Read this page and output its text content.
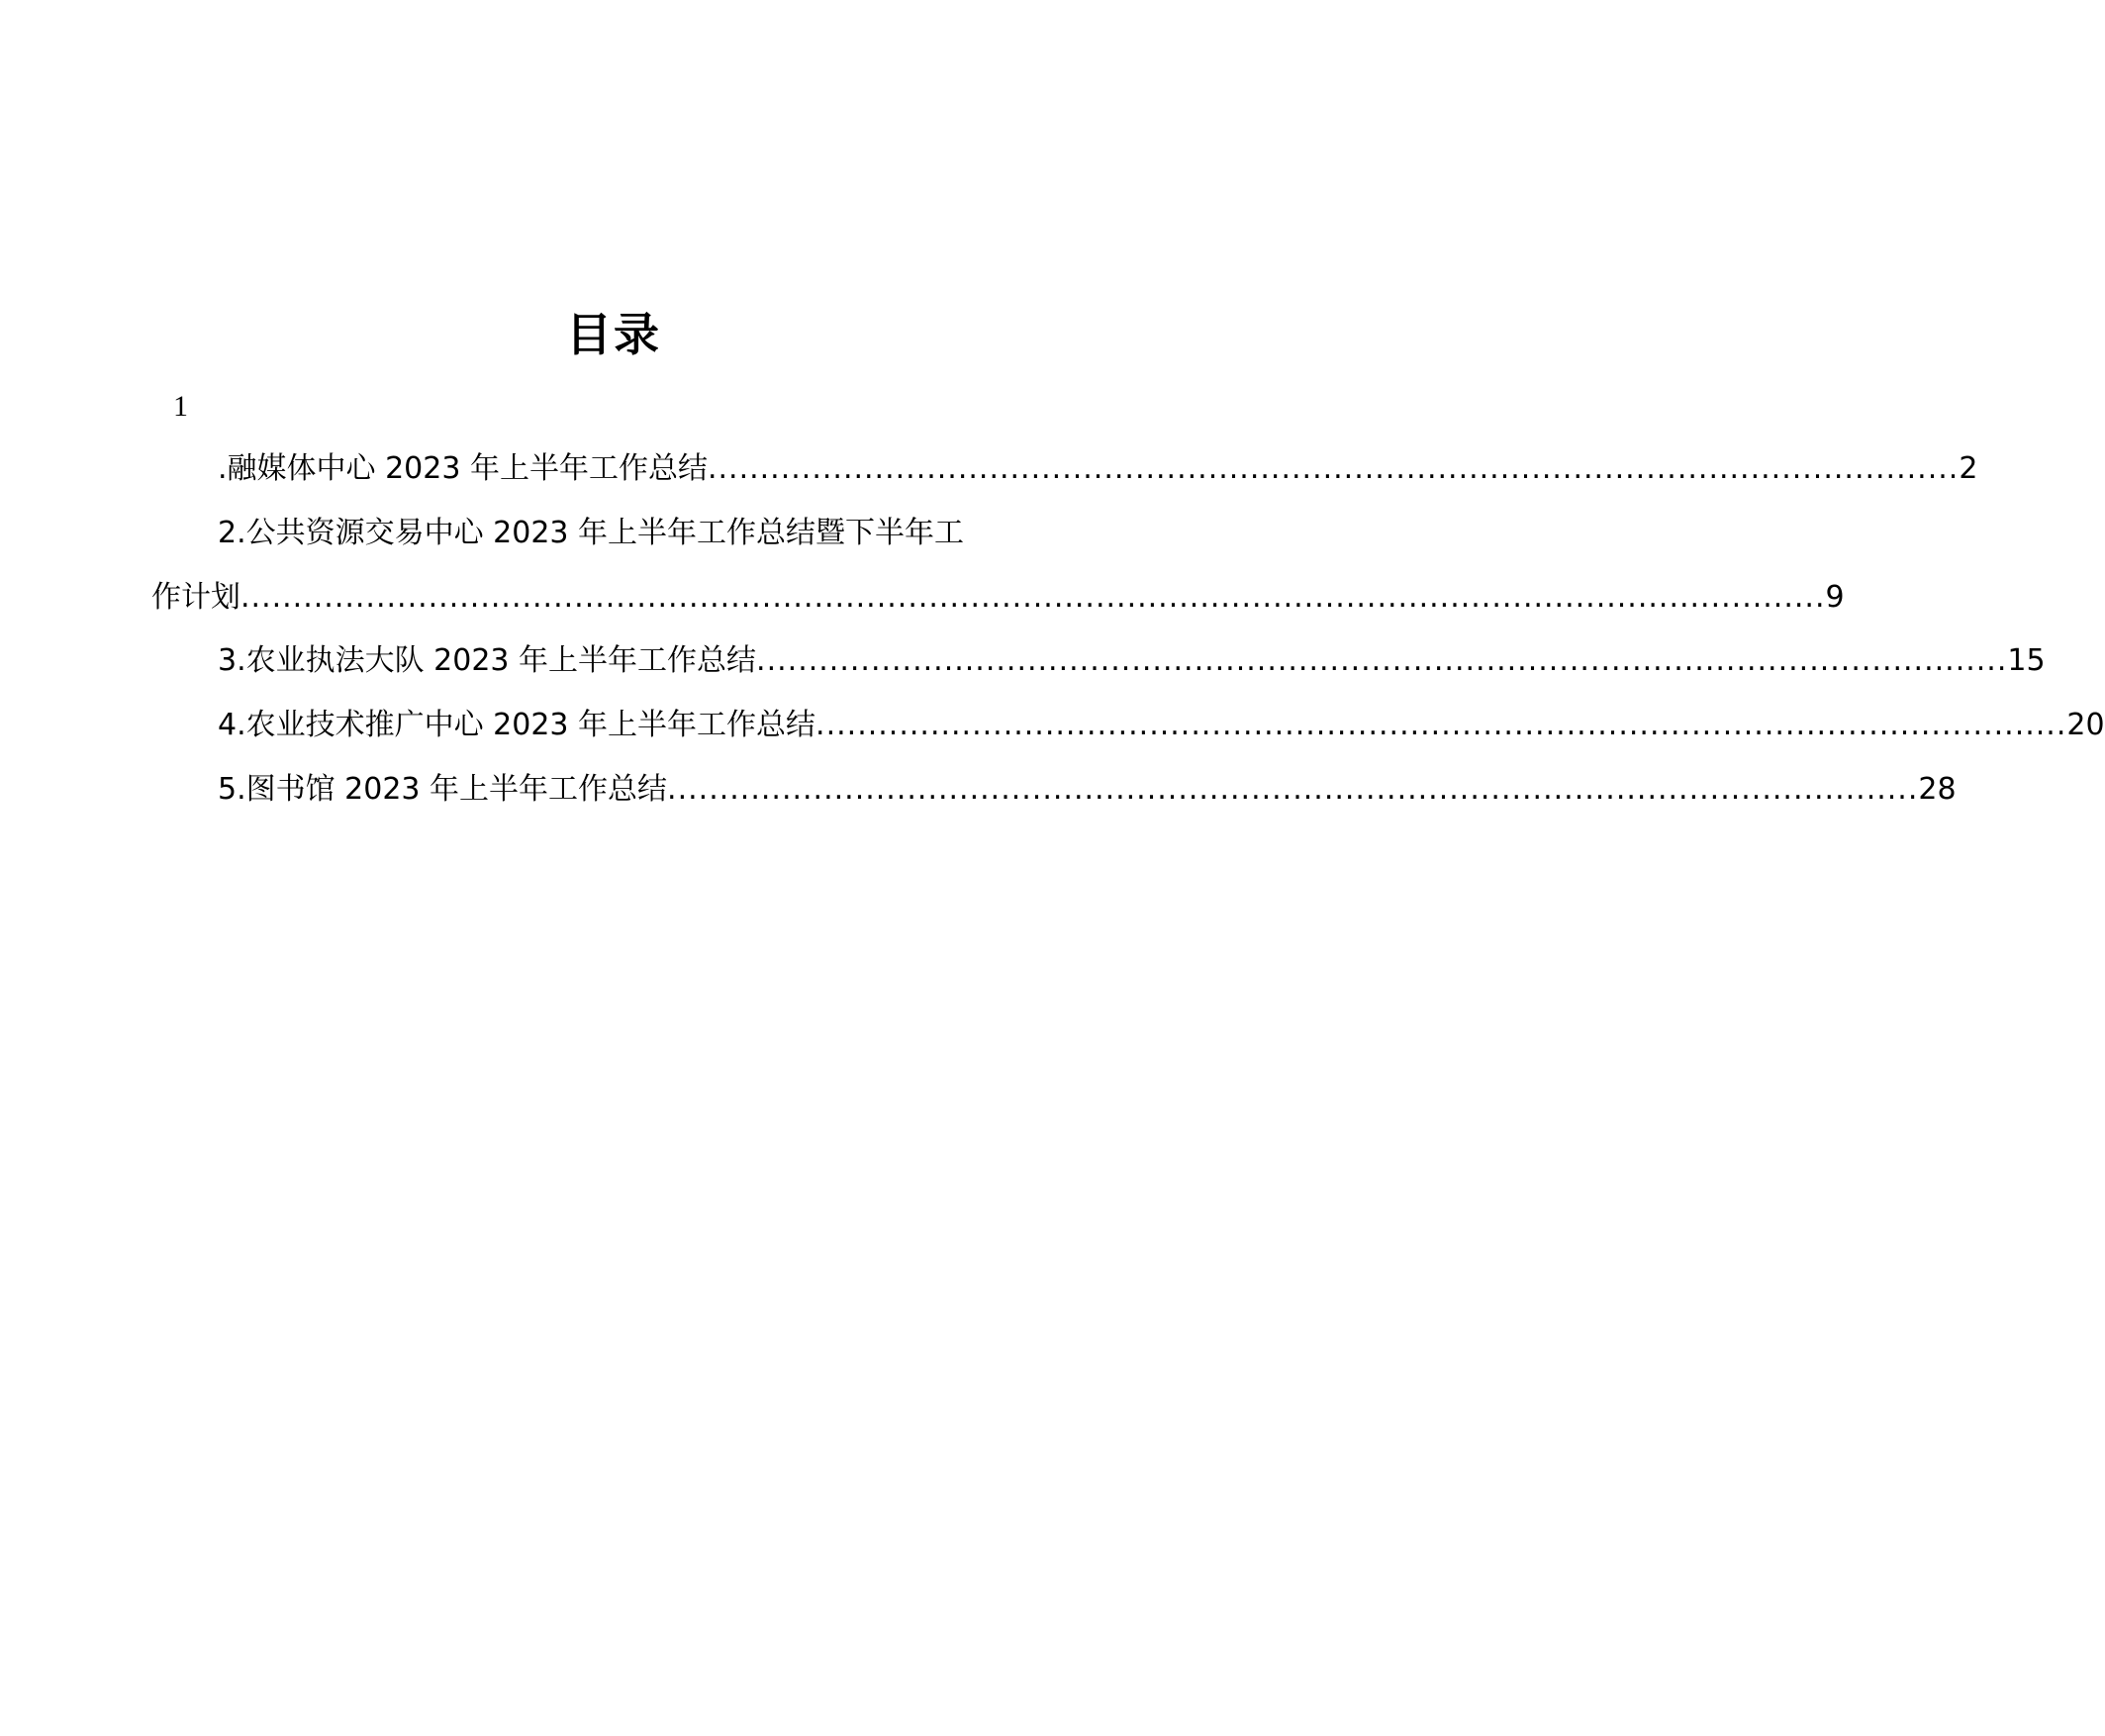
目录
1
.融媒体中心 2023 年上半年工作总结 ........................................................................................................................ 2
2.公共资源交易中心 2023 年上半年工作总结暨下半年工
作计划 ........................................................................................................................................................ 9
3.农业执法大队 2023 年上半年工作总结 ........................................................................................................................ 15
4.农业技术推广中心 2023 年上半年工作总结 ........................................................................................................................ 20
5.图书馆 2023 年上半年工作总结 ........................................................................................................................ 28
